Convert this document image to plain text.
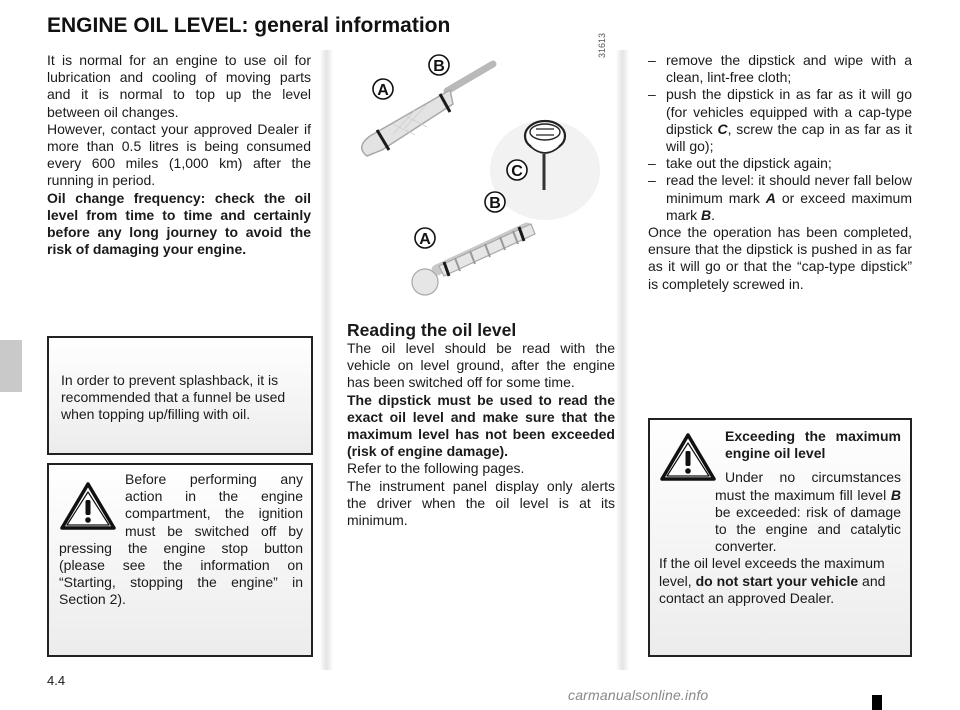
ENGINE OIL LEVEL: general information
It is normal for an engine to use oil for lubrication and cooling of moving parts and it is normal to top up the level between oil changes.
However, contact your approved Dealer if more than 0.5 litres is being consumed every 600 miles (1,000 km) after the running in period.
Oil change frequency: check the oil level from time to time and certainly before any long journey to avoid the risk of damaging your engine.
In order to prevent splashback, it is recommended that a funnel be used when topping up/filling with oil.
Before performing any action in the engine compartment, the ignition must be switched off by pressing the engine stop button (please see the information on “Starting, stopping the engine” in Section 2).
A
B
C
B
A
31613
Reading the oil level
The oil level should be read with the vehicle on level ground, after the engine has been switched off for some time.
The dipstick must be used to read the exact oil level and make sure that the maximum level has not been exceeded (risk of engine damage).
Refer to the following pages.
The instrument panel display only alerts the driver when the oil level is at its minimum.
– remove the dipstick and wipe with a clean, lint-free cloth;
– push the dipstick in as far as it will go (for vehicles equipped with a cap-type dipstick C, screw the cap in as far as it will go);
– take out the dipstick again;
– read the level: it should never fall below minimum mark A or exceed maximum mark B.
Once the operation has been completed, ensure that the dipstick is pushed in as far as it will go or that the “cap-type dipstick” is completely screwed in.
Exceeding the maximum engine oil level
Under no circumstances must the maximum fill level B be exceeded: risk of damage to the engine and catalytic converter.
If the oil level exceeds the maximum level, do not start your vehicle and contact an approved Dealer.
4.4
carmanualsonline.info
